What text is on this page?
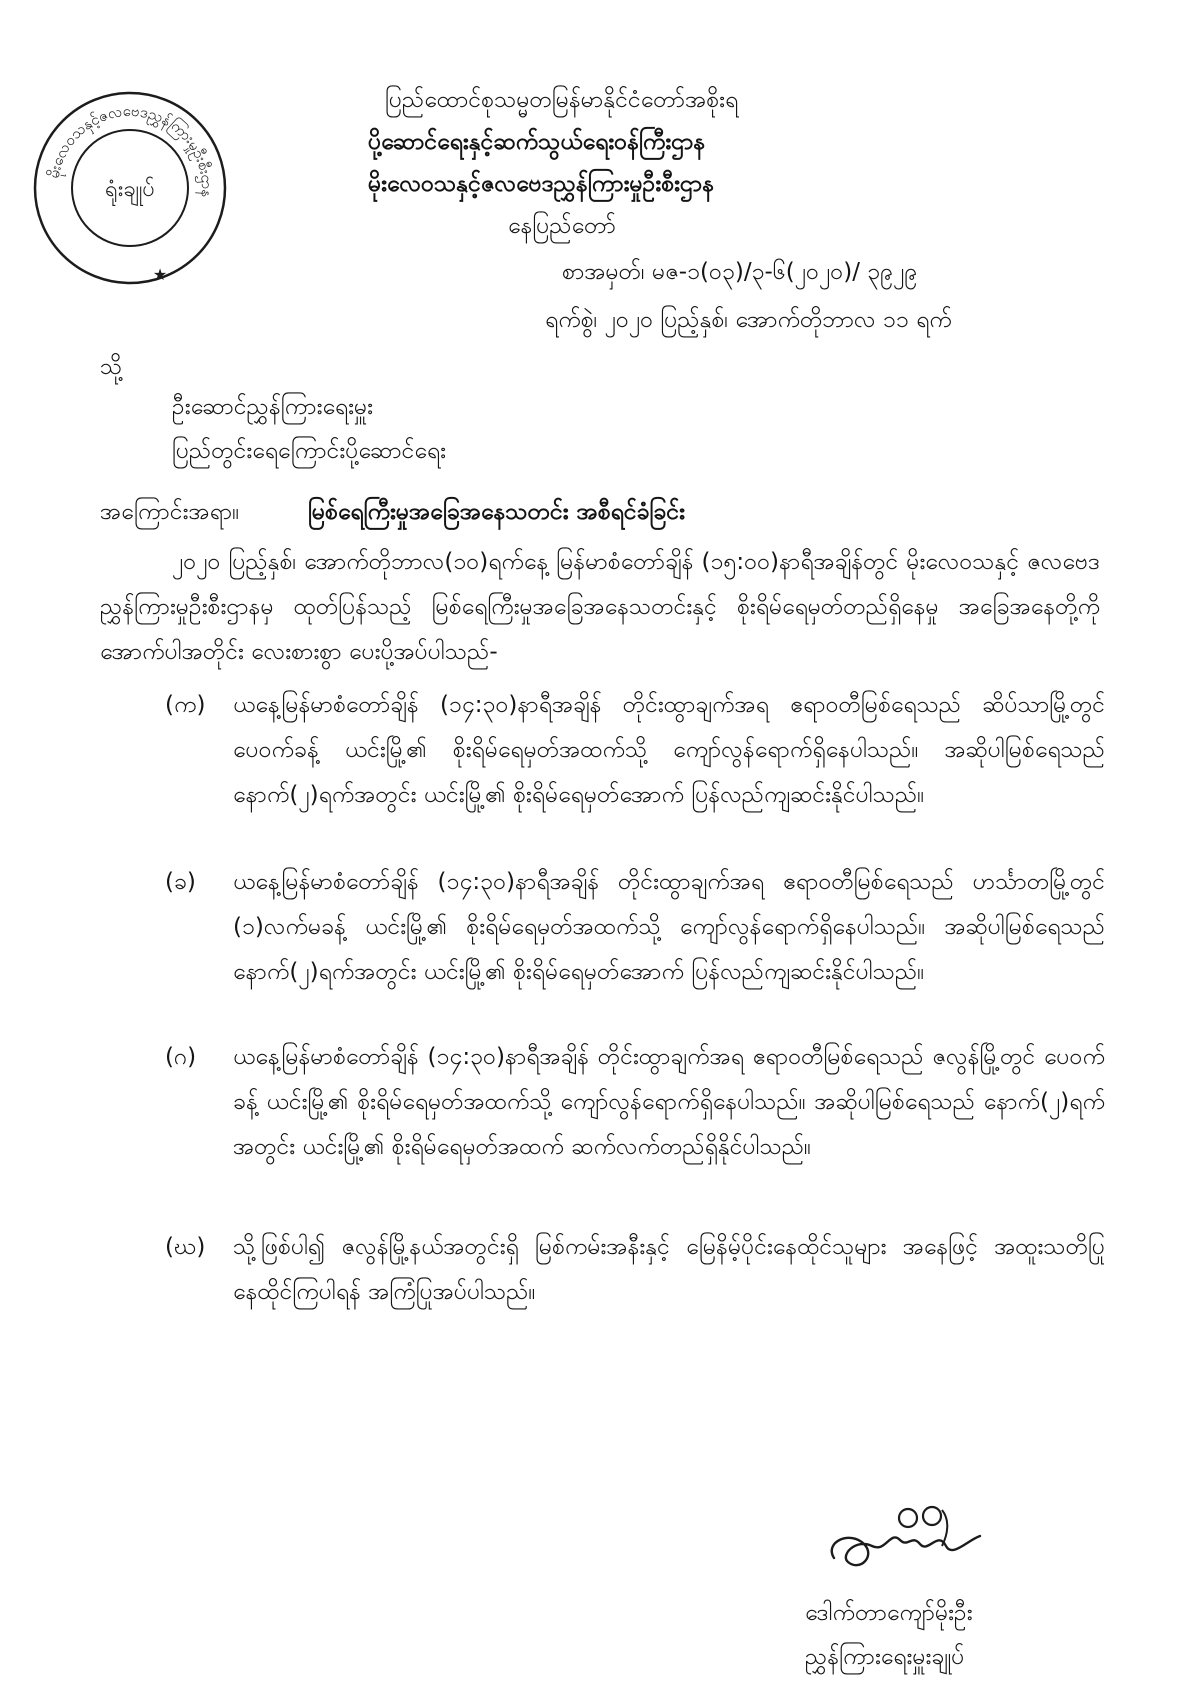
မိုးလေဝသနှင့်ဇလဗေဒညွှန်ကြားမှုဦးစီးဌာန
ရုံးချုပ်
★
ပြည်ထောင်စုသမ္မတမြန်မာနိုင်ငံတော်အစိုးရ
ပို့ဆောင်ရေးနှင့်ဆက်သွယ်ရေးဝန်ကြီးဌာန
မိုးလေဝသနှင့်ဇလဗေဒညွှန်ကြားမှုဦးစီးဌာန
နေပြည်တော်
စာအမှတ်၊ မဇ-၁(၀၃)/၃-၆(၂၀၂၀)/ ၃၉၂၉
ရက်စွဲ၊ ၂၀၂၀ ပြည့်နှစ်၊ အောက်တိုဘာလ ၁၁ ရက်
သို့
ဦးဆောင်ညွှန်ကြားရေးမှူး
ပြည်တွင်းရေကြောင်းပို့ဆောင်ရေး
အကြောင်းအရာ။	မြစ်ရေကြီးမှုအခြေအနေသတင်း အစီရင်ခံခြင်း
၂၀၂၀ ပြည့်နှစ်၊ အောက်တိုဘာလ(၁၀)ရက်နေ့ မြန်မာစံတော်ချိန် (၁၅:၀၀)နာရီအချိန်တွင် မိုးလေဝသနှင့် ဇလဗေဒညွှန်ကြားမှုဦးစီးဌာနမှ ထုတ်ပြန်သည့် မြစ်ရေကြီးမှုအခြေအနေသတင်းနှင့် စိုးရိမ်ရေမှတ်တည်ရှိနေမှု အခြေအနေတို့ကို အောက်ပါအတိုင်း လေးစားစွာ ပေးပို့အပ်ပါသည်-
(က) ယနေ့မြန်မာစံတော်ချိန် (၁၄:၃၀)နာရီအချိန် တိုင်းထွာချက်အရ ဧရာဝတီမြစ်ရေသည် ဆိပ်သာမြို့တွင် ပေ၀က်ခန့် ယင်းမြို့၏ စိုးရိမ်ရေမှတ်အထက်သို့ ကျော်လွန်ရောက်ရှိနေပါသည်။ အဆိုပါမြစ်ရေသည် နောက်(၂)ရက်အတွင်း ယင်းမြို့၏ စိုးရိမ်ရေမှတ်အောက် ပြန်လည်ကျဆင်းနိုင်ပါသည်။
(ခ) ယနေ့မြန်မာစံတော်ချိန် (၁၄:၃၀)နာရီအချိန် တိုင်းထွာချက်အရ ဧရာဝတီမြစ်ရေသည် ဟင်္သာတမြို့တွင် (၁)လက်မခန့် ယင်းမြို့၏ စိုးရိမ်ရေမှတ်အထက်သို့ ကျော်လွန်ရောက်ရှိနေပါသည်။ အဆိုပါမြစ်ရေသည် နောက်(၂)ရက်အတွင်း ယင်းမြို့၏ စိုးရိမ်ရေမှတ်အောက် ပြန်လည်ကျဆင်းနိုင်ပါသည်။
(ဂ) ယနေ့မြန်မာစံတော်ချိန် (၁၄:၃၀)နာရီအချိန် တိုင်းထွာချက်အရ ဧရာဝတီမြစ်ရေသည် ဇလွန်မြို့တွင် ပေ၀က်ခန့် ယင်းမြို့၏ စိုးရိမ်ရေမှတ်အထက်သို့ ကျော်လွန်ရောက်ရှိနေပါသည်။ အဆိုပါမြစ်ရေသည် နောက်(၂)ရက်အတွင်း ယင်းမြို့၏ စိုးရိမ်ရေမှတ်အထက် ဆက်လက်တည်ရှိနိုင်ပါသည်။
(ဃ) သို့ဖြစ်ပါ၍ ဇလွန်မြို့နယ်အတွင်းရှိ မြစ်ကမ်းအနီးနှင့် မြေနိမ့်ပိုင်းနေထိုင်သူများ အနေဖြင့် အထူးသတိပြုနေထိုင်ကြပါရန် အကြံပြုအပ်ပါသည်။
ဒေါက်တာကျော်မိုးဦး
ညွှန်ကြားရေးမှူးချုပ်
